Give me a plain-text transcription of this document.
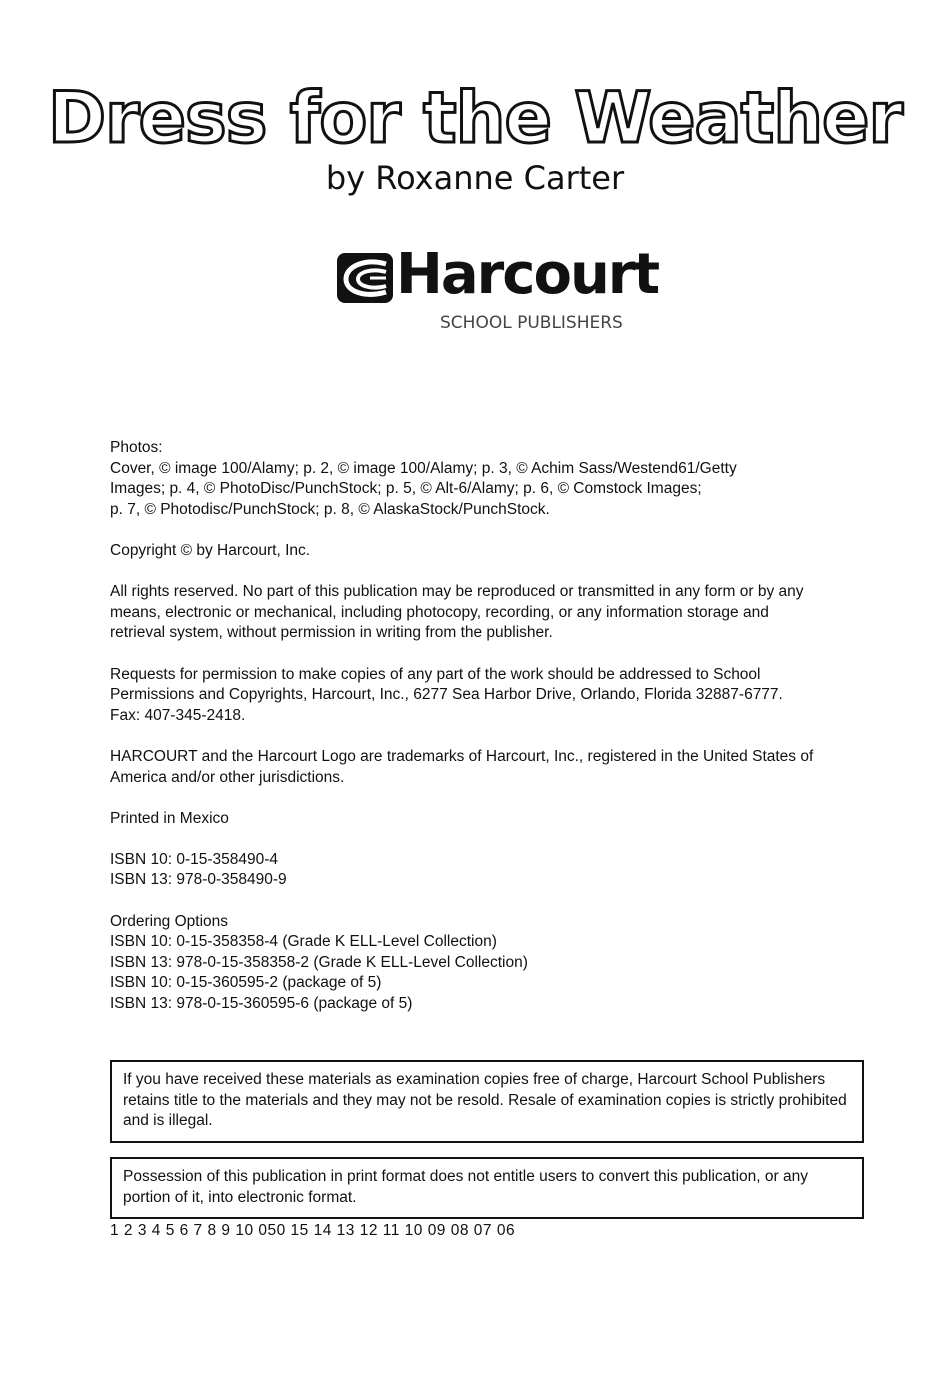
Dress for the Weather
by Roxanne Carter
Harcourt
SCHOOL PUBLISHERS

Photos:
Cover, © image 100/Alamy; p. 2, © image 100/Alamy; p. 3, © Achim Sass/Westend61/Getty
Images; p. 4, © PhotoDisc/PunchStock; p. 5, © Alt-6/Alamy; p. 6, © Comstock Images;
p. 7, © Photodisc/PunchStock; p. 8, © AlaskaStock/PunchStock.

Copyright © by Harcourt, Inc.

All rights reserved. No part of this publication may be reproduced or transmitted in any form or by any
means, electronic or mechanical, including photocopy, recording, or any information storage and
retrieval system, without permission in writing from the publisher.

Requests for permission to make copies of any part of the work should be addressed to School
Permissions and Copyrights, Harcourt, Inc., 6277 Sea Harbor Drive, Orlando, Florida 32887-6777.
Fax: 407-345-2418.

HARCOURT and the Harcourt Logo are trademarks of Harcourt, Inc., registered in the United States of
America and/or other jurisdictions.

Printed in Mexico

ISBN 10: 0-15-358490-4
ISBN 13: 978-0-358490-9

Ordering Options
ISBN 10: 0-15-358358-4 (Grade K ELL-Level Collection)
ISBN 13: 978-0-15-358358-2 (Grade K ELL-Level Collection)
ISBN 10: 0-15-360595-2 (package of 5)
ISBN 13: 978-0-15-360595-6 (package of 5)

If you have received these materials as examination copies free of charge, Harcourt School Publishers retains title to the materials and they may not be resold. Resale of examination copies is strictly prohibited and is illegal.
Possession of this publication in print format does not entitle users to convert this publication, or any portion of it, into electronic format.
1 2 3 4 5 6 7 8 9 10 050 15 14 13 12 11 10 09 08 07 06
